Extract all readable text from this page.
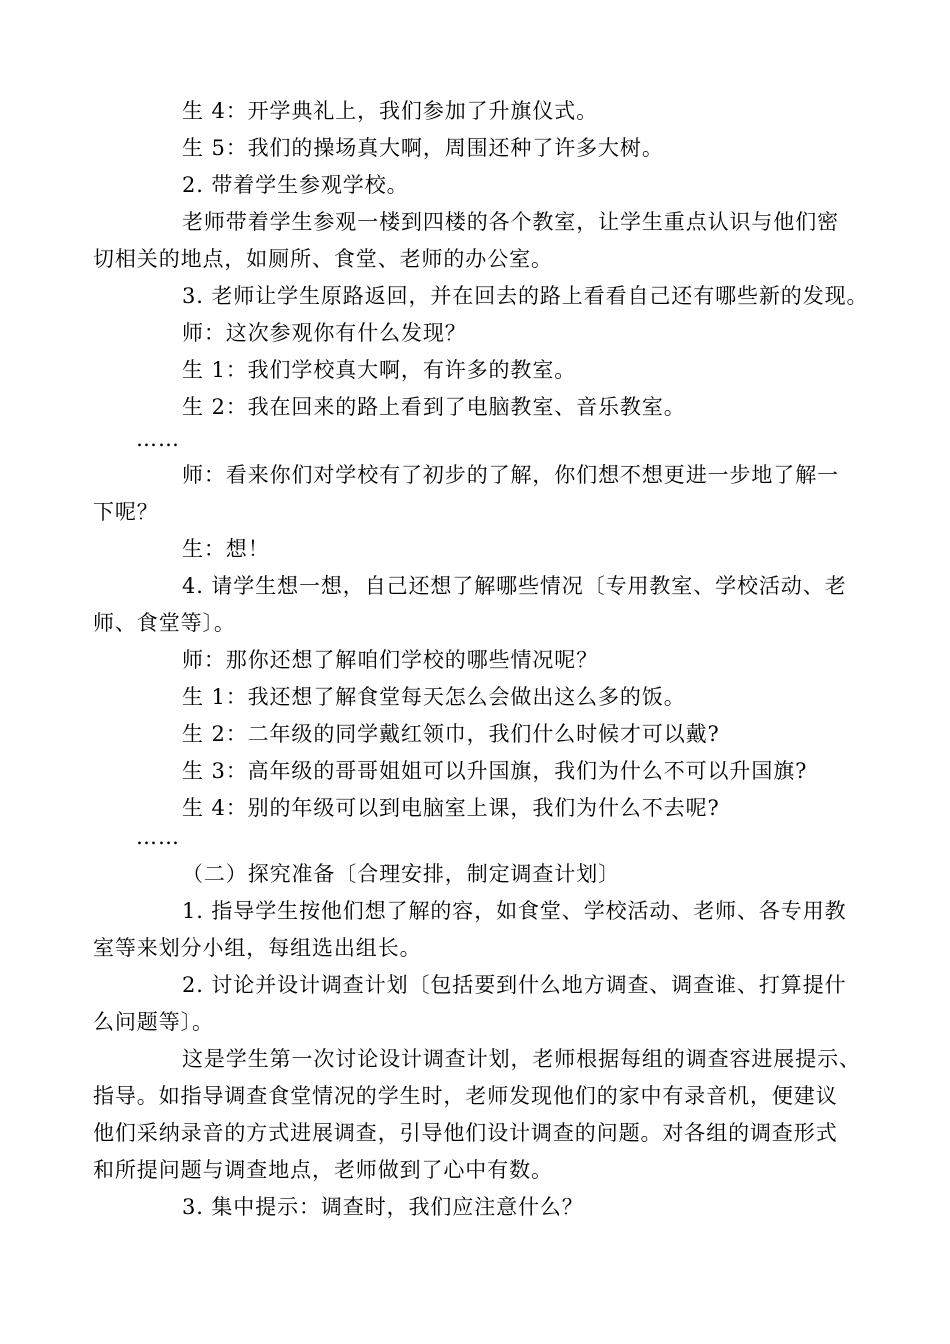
生 4：开学典礼上，我们参加了升旗仪式。
生 5：我们的操场真大啊，周围还种了许多大树。
2. 带着学生参观学校。
老师带着学生参观一楼到四楼的各个教室，让学生重点认识与他们密
切相关的地点，如厕所、食堂、老师的办公室。
3. 老师让学生原路返回，并在回去的路上看看自己还有哪些新的发现。
师：这次参观你有什么发现？
生 1：我们学校真大啊，有许多的教室。
生 2：我在回来的路上看到了电脑教室、音乐教室。
……
师：看来你们对学校有了初步的了解，你们想不想更进一步地了解一
下呢？
生：想！
4. 请学生想一想，自己还想了解哪些情况〔专用教室、学校活动、老
师、食堂等〕。
师：那你还想了解咱们学校的哪些情况呢？
生 1：我还想了解食堂每天怎么会做出这么多的饭。
生 2：二年级的同学戴红领巾，我们什么时候才可以戴?
生 3：高年级的哥哥姐姐可以升国旗，我们为什么不可以升国旗?
生 4：别的年级可以到电脑室上课，我们为什么不去呢?
……
（二）探究准备〔合理安排，制定调查计划〕
1. 指导学生按他们想了解的容，如食堂、学校活动、老师、各专用教
室等来划分小组，每组选出组长。
2. 讨论并设计调查计划〔包括要到什么地方调查、调查谁、打算提什
么问题等〕。
这是学生第一次讨论设计调查计划，老师根据每组的调查容进展提示、
指导。如指导调查食堂情况的学生时，老师发现他们的家中有录音机，便建议
他们采纳录音的方式进展调查，引导他们设计调查的问题。对各组的调查形式
和所提问题与调查地点，老师做到了心中有数。
3. 集中提示：调查时，我们应注意什么？
